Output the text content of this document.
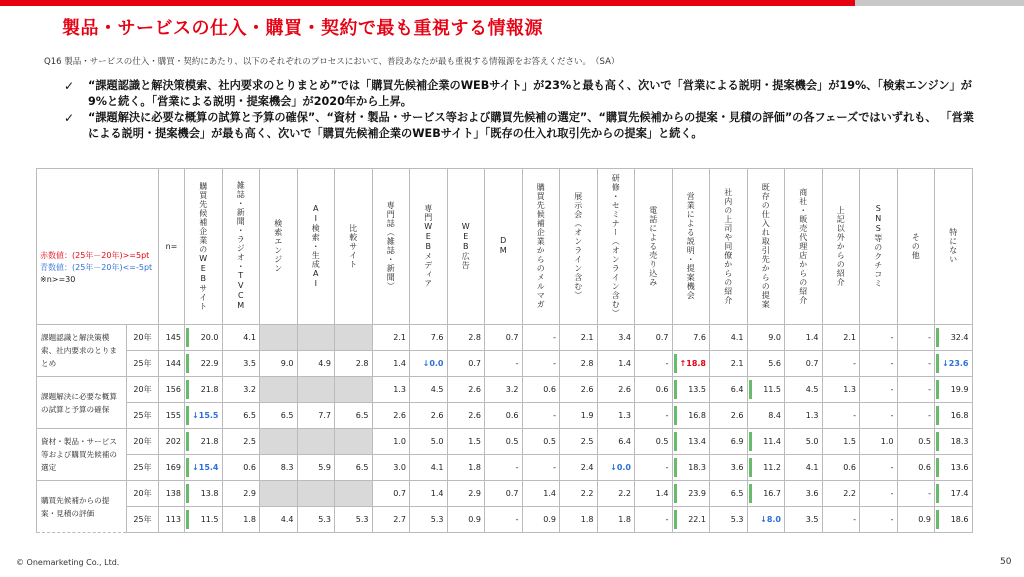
製品・サービスの仕入・購買・契約で最も重視する情報源
Q16 製品・サービスの仕入・購買・契約にあたり、以下のそれぞれのプロセスにおいて、普段あなたが最も重視する情報源をお答えください。　（SA）
✓ “課題認識と解決策模索、社内要求のとりまとめ”では「購買先候補企業のWEBサイト」が23%と最も高く、次いで「営業による説明・提案機会」が19%、「検索エンジン」が9%と続く。「営業による説明・提案機会」が2020年から上昇。
✓ “課題解決に必要な概算の試算と予算の確保”、“資材・製品・サービス等および購買先候補の選定”、“購買先候補からの提案・見積の評価”の各フェーズではいずれも、 「営業による説明・提案機会」が最も高く、次いで「購買先候補企業のWEBサイト」「既存の仕入れ取引先からの提案」と続く。
		n=	購買先候補企業のWEBサイト	雑誌・新聞・ラジオ・TVCM	検索エンジン	AI検索・生成AI	比較サイト	専門誌（雑誌・新聞）	専門WEBメディア	WEB広告	DM	購買先候補企業からのメルマガ	展示会（オンライン含む）	研修・セミナー（オンライン含む）	電話による売り込み	営業による説明・提案機会	社内の上司や同僚からの紹介	既存の仕入れ取引先からの提案	商社・販売代理店からの紹介	上記以外からの紹介	SNS等のクチコミ	その他	特にない

課題認識と解決策模索、社内要求のとりまとめ	20年	145	20.0	4.1				2.1	7.6	2.8	0.7	-	2.1	3.4	0.7	7.6	4.1	9.0	1.4	2.1	-	-	32.4
	25年	144	22.9	3.5	9.0	4.9	2.8	1.4	↓0.0	0.7	-	-	2.8	1.4	-	↑18.8	2.1	5.6	0.7	-	-	-	↓23.6
課題解決に必要な概算の試算と予算の確保	20年	156	21.8	3.2				1.3	4.5	2.6	3.2	0.6	2.6	2.6	0.6	13.5	6.4	11.5	4.5	1.3	-	-	19.9
	25年	155	↓15.5	6.5	6.5	7.7	6.5	2.6	2.6	2.6	0.6	-	1.9	1.3	-	16.8	2.6	8.4	1.3	-	-	-	16.8
資材・製品・サービス等および購買先候補の選定	20年	202	21.8	2.5				1.0	5.0	1.5	0.5	0.5	2.5	6.4	0.5	13.4	6.9	11.4	5.0	1.5	1.0	0.5	18.3
	25年	169	↓15.4	0.6	8.3	5.9	6.5	3.0	4.1	1.8	-	-	2.4	↓0.0	-	18.3	3.6	11.2	4.1	0.6	-	0.6	13.6
購買先候補からの提案・見積の評価	20年	138	13.8	2.9				0.7	1.4	2.9	0.7	1.4	2.2	2.2	1.4	23.9	6.5	16.7	3.6	2.2	-	-	17.4
	25年	113	11.5	1.8	4.4	5.3	5.3	2.7	5.3	0.9	-	0.9	1.8	1.8	-	22.1	5.3	↓8.0	3.5	-	-	0.9	18.6
赤数値：(25年－20年)>=5pt
青数値：(25年－20年)<=-5pt
※n>=30
© Onemarketing Co., Ltd.	50
